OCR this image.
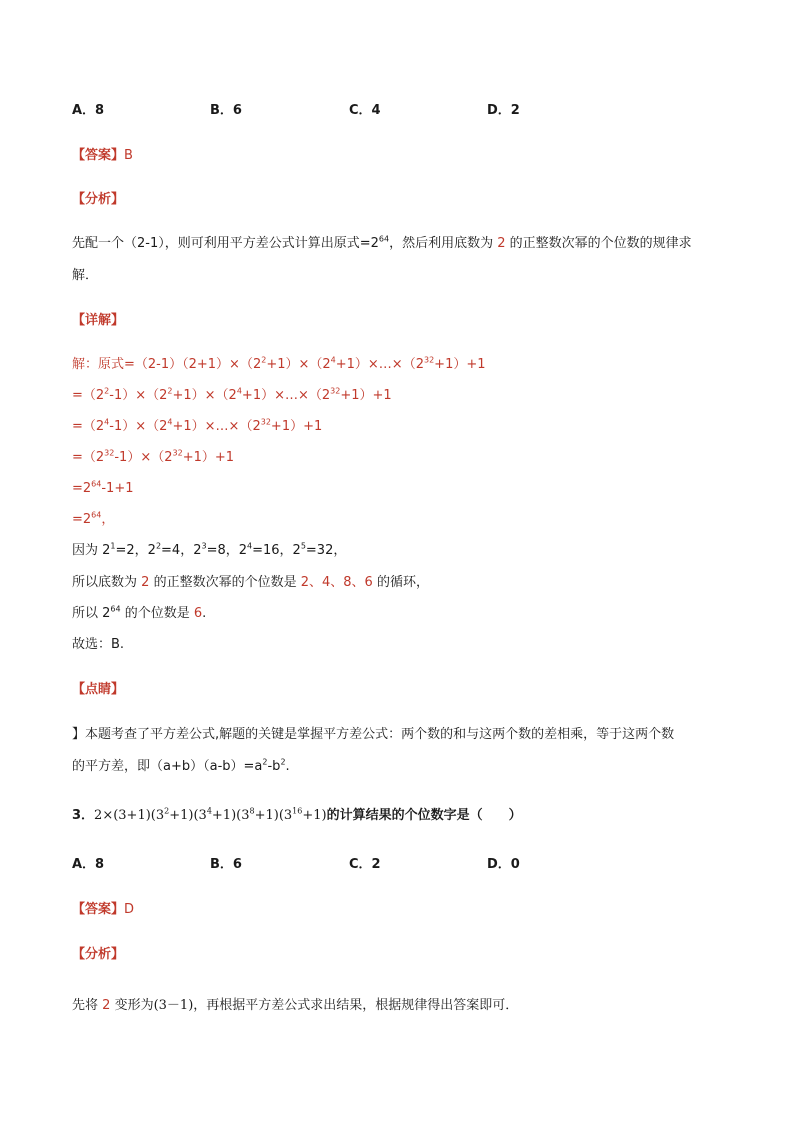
A．8	B．6	C．4	D．2
【答案】B
【分析】
先配一个（2-1），则可利用平方差公式计算出原式$=2^{64}$，然后利用底数为 2 的正整数次幂的个位数的规律求
解．
【详解】
解：原式$=(2-1)(2+1)\times(2^2+1)\times(2^4+1)\times\dots\times(2^{32}+1)+1$
$=(2^2-1)\times(2^2+1)\times(2^4+1)\times\dots\times(2^{32}+1)+1$
$=(2^4-1)\times(2^4+1)\times\dots\times(2^{32}+1)+1$
$=(2^{32}-1)\times(2^{32}+1)+1$
$=2^{64}-1+1$
$=2^{64}$，
因为 $2^1=2$，$2^2=4$，$2^3=8$，$2^4=16$，$2^5=32$，
所以底数为 2 的正整数次幂的个位数是 2、4、8、6 的循环，
所以 $2^{64}$ 的个位数是 6.
故选：B.
【点睛】
】本题考查了平方差公式,解题的关键是掌握平方差公式：两个数的和与这两个数的差相乘，等于这两个数
的平方差，即$(a+b)(a-b)=a^2-b^2$.
3．$2\times(3+1)(3^2+1)(3^4+1)(3^8+1)(3^{16}+1)$的计算结果的个位数字是（　　）
A．8	B．6	C．2	D．0
【答案】D
【分析】
先将 2 变形为(3－1)，再根据平方差公式求出结果，根据规律得出答案即可．
